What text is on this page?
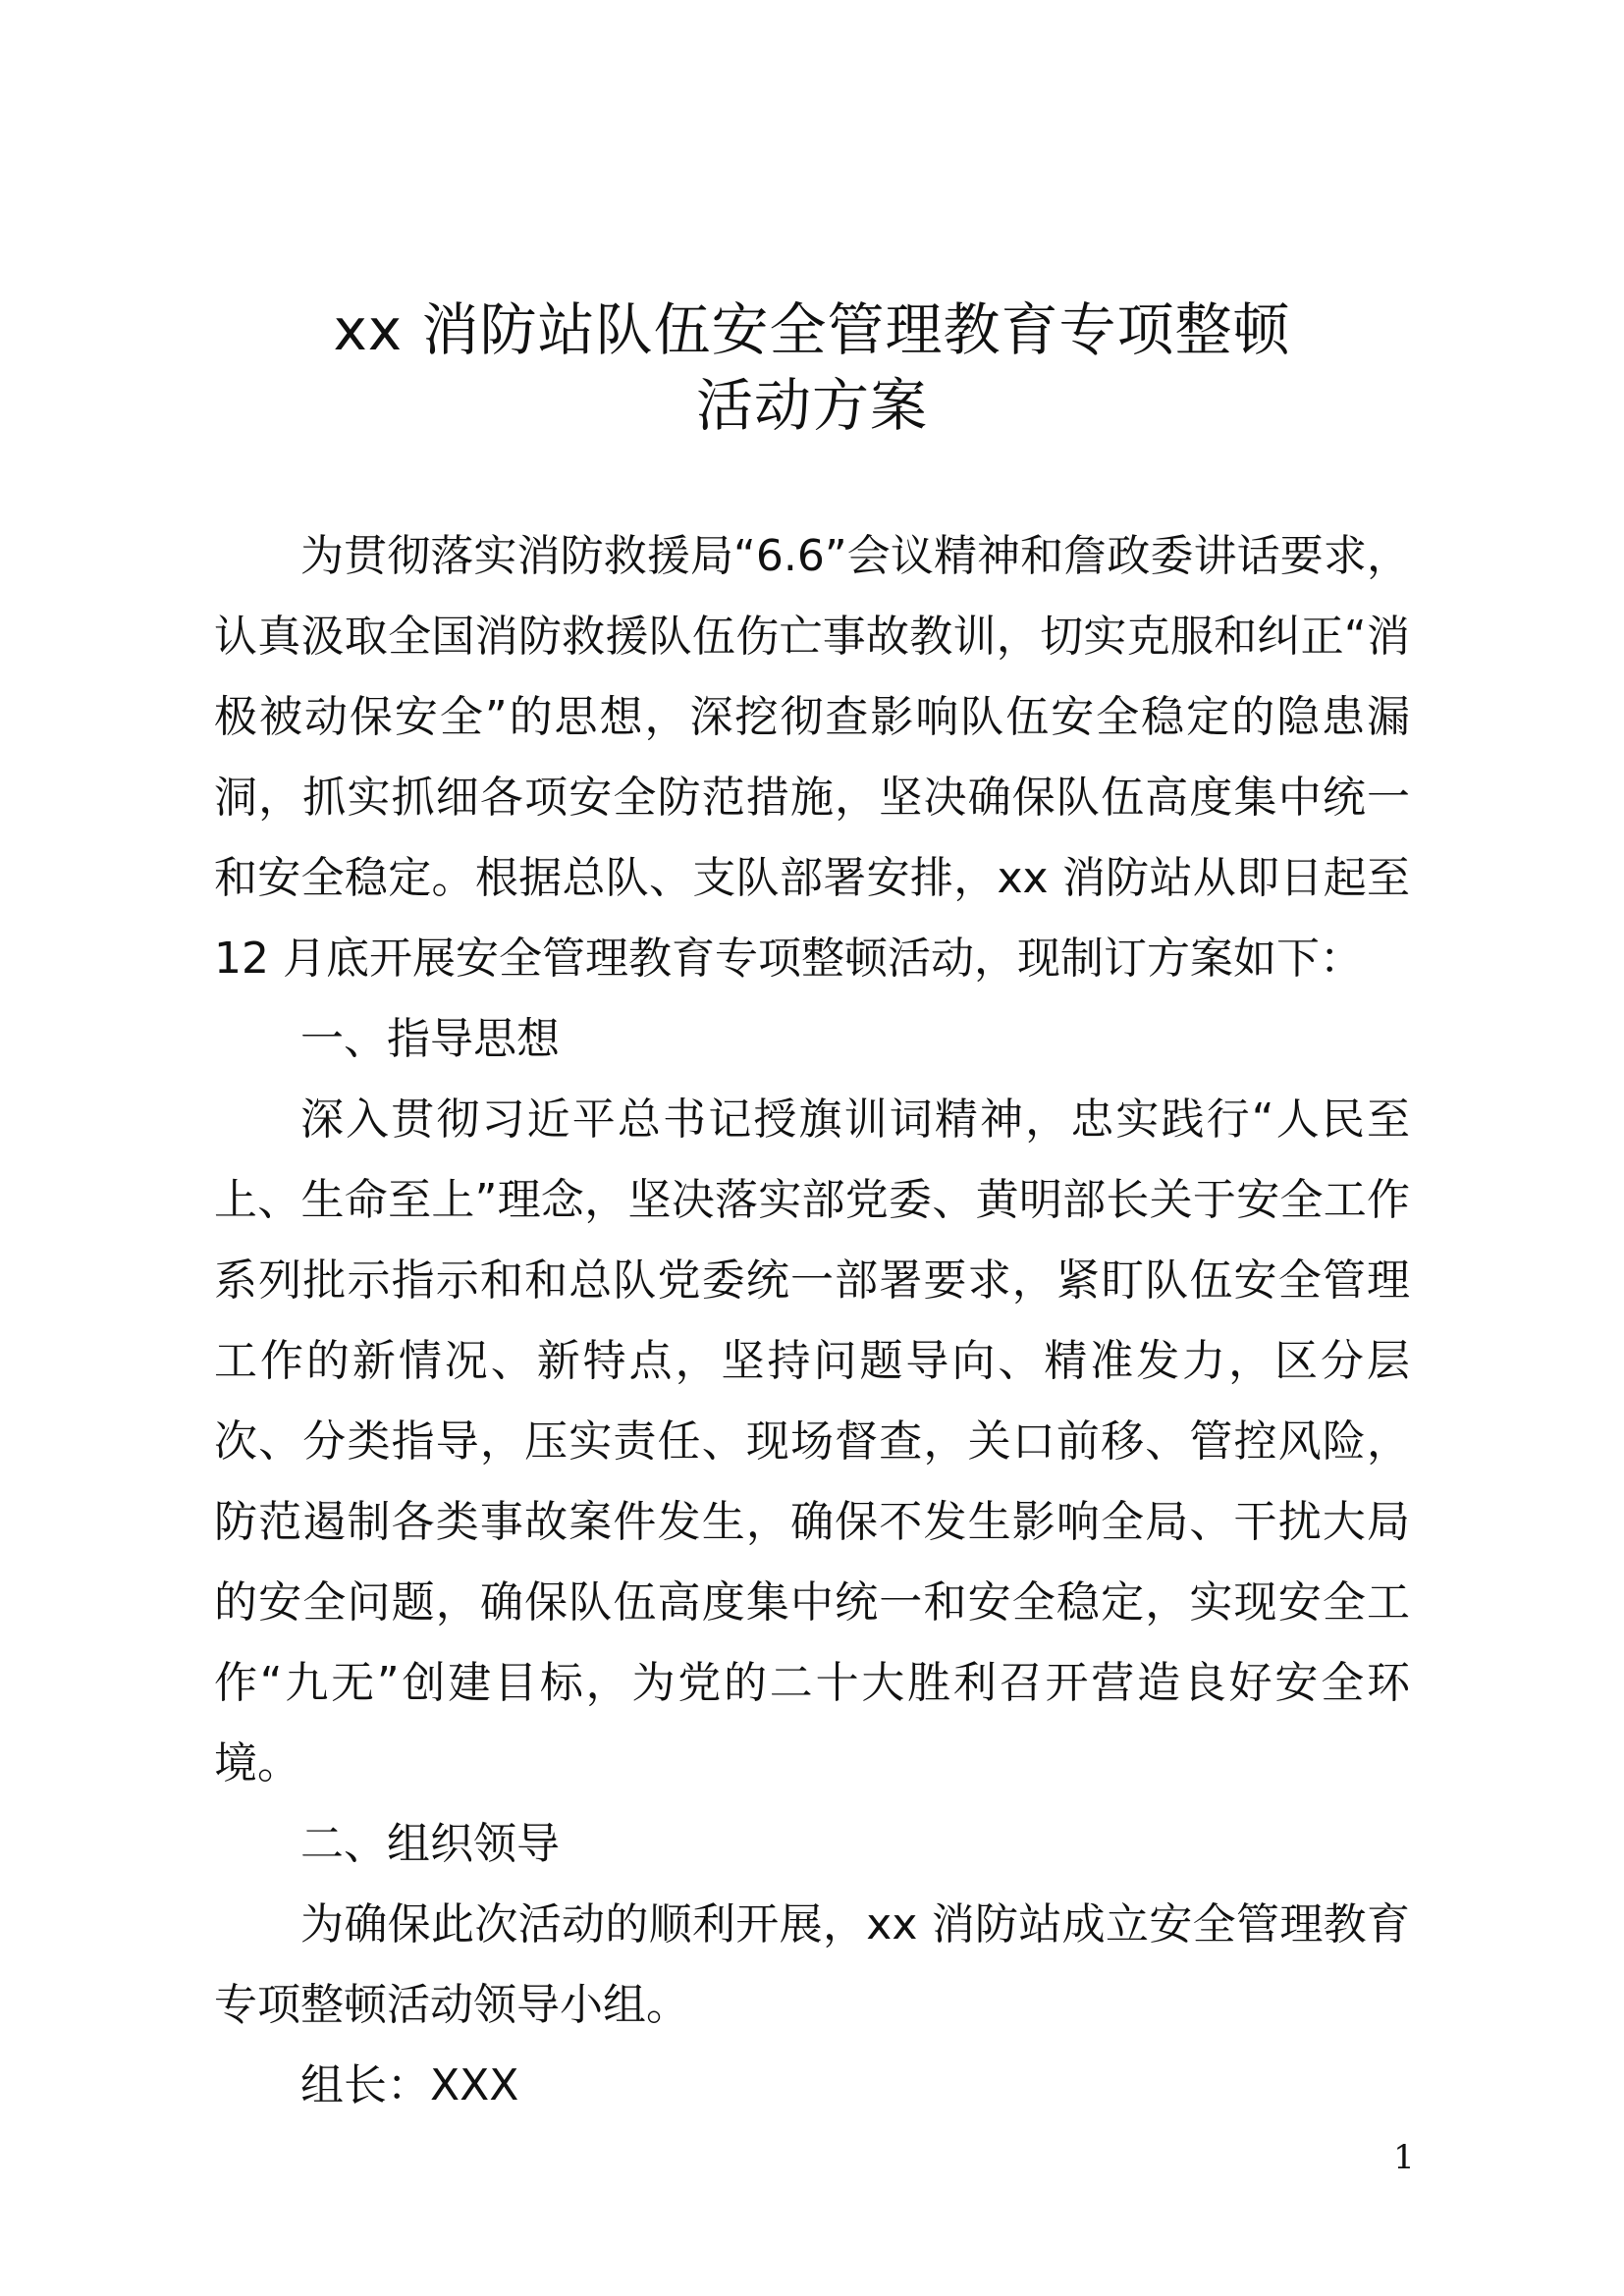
xx 消防站队伍安全管理教育专项整顿
活动方案

为贯彻落实消防救援局“6.6”会议精神和詹政委讲话要求，认真汲取全国消防救援队伍伤亡事故教训，切实克服和纠正“消极被动保安全”的思想，深挖彻查影响队伍安全稳定的隐患漏洞，抓实抓细各项安全防范措施，坚决确保队伍高度集中统一和安全稳定。根据总队、支队部署安排，xx 消防站从即日起至 12 月底开展安全管理教育专项整顿活动，现制订方案如下：

一、指导思想

深入贯彻习近平总书记授旗训词精神，忠实践行“人民至上、生命至上”理念，坚决落实部党委、黄明部长关于安全工作系列批示指示和和总队党委统一部署要求，紧盯队伍安全管理工作的新情况、新特点，坚持问题导向、精准发力，区分层次、分类指导，压实责任、现场督查，关口前移、管控风险，防范遏制各类事故案件发生，确保不发生影响全局、干扰大局的安全问题，确保队伍高度集中统一和安全稳定，实现安全工作“九无”创建目标，为党的二十大胜利召开营造良好安全环境。

二、组织领导

为确保此次活动的顺利开展，xx 消防站成立安全管理教育专项整顿活动领导小组。

组长：XXX

1
